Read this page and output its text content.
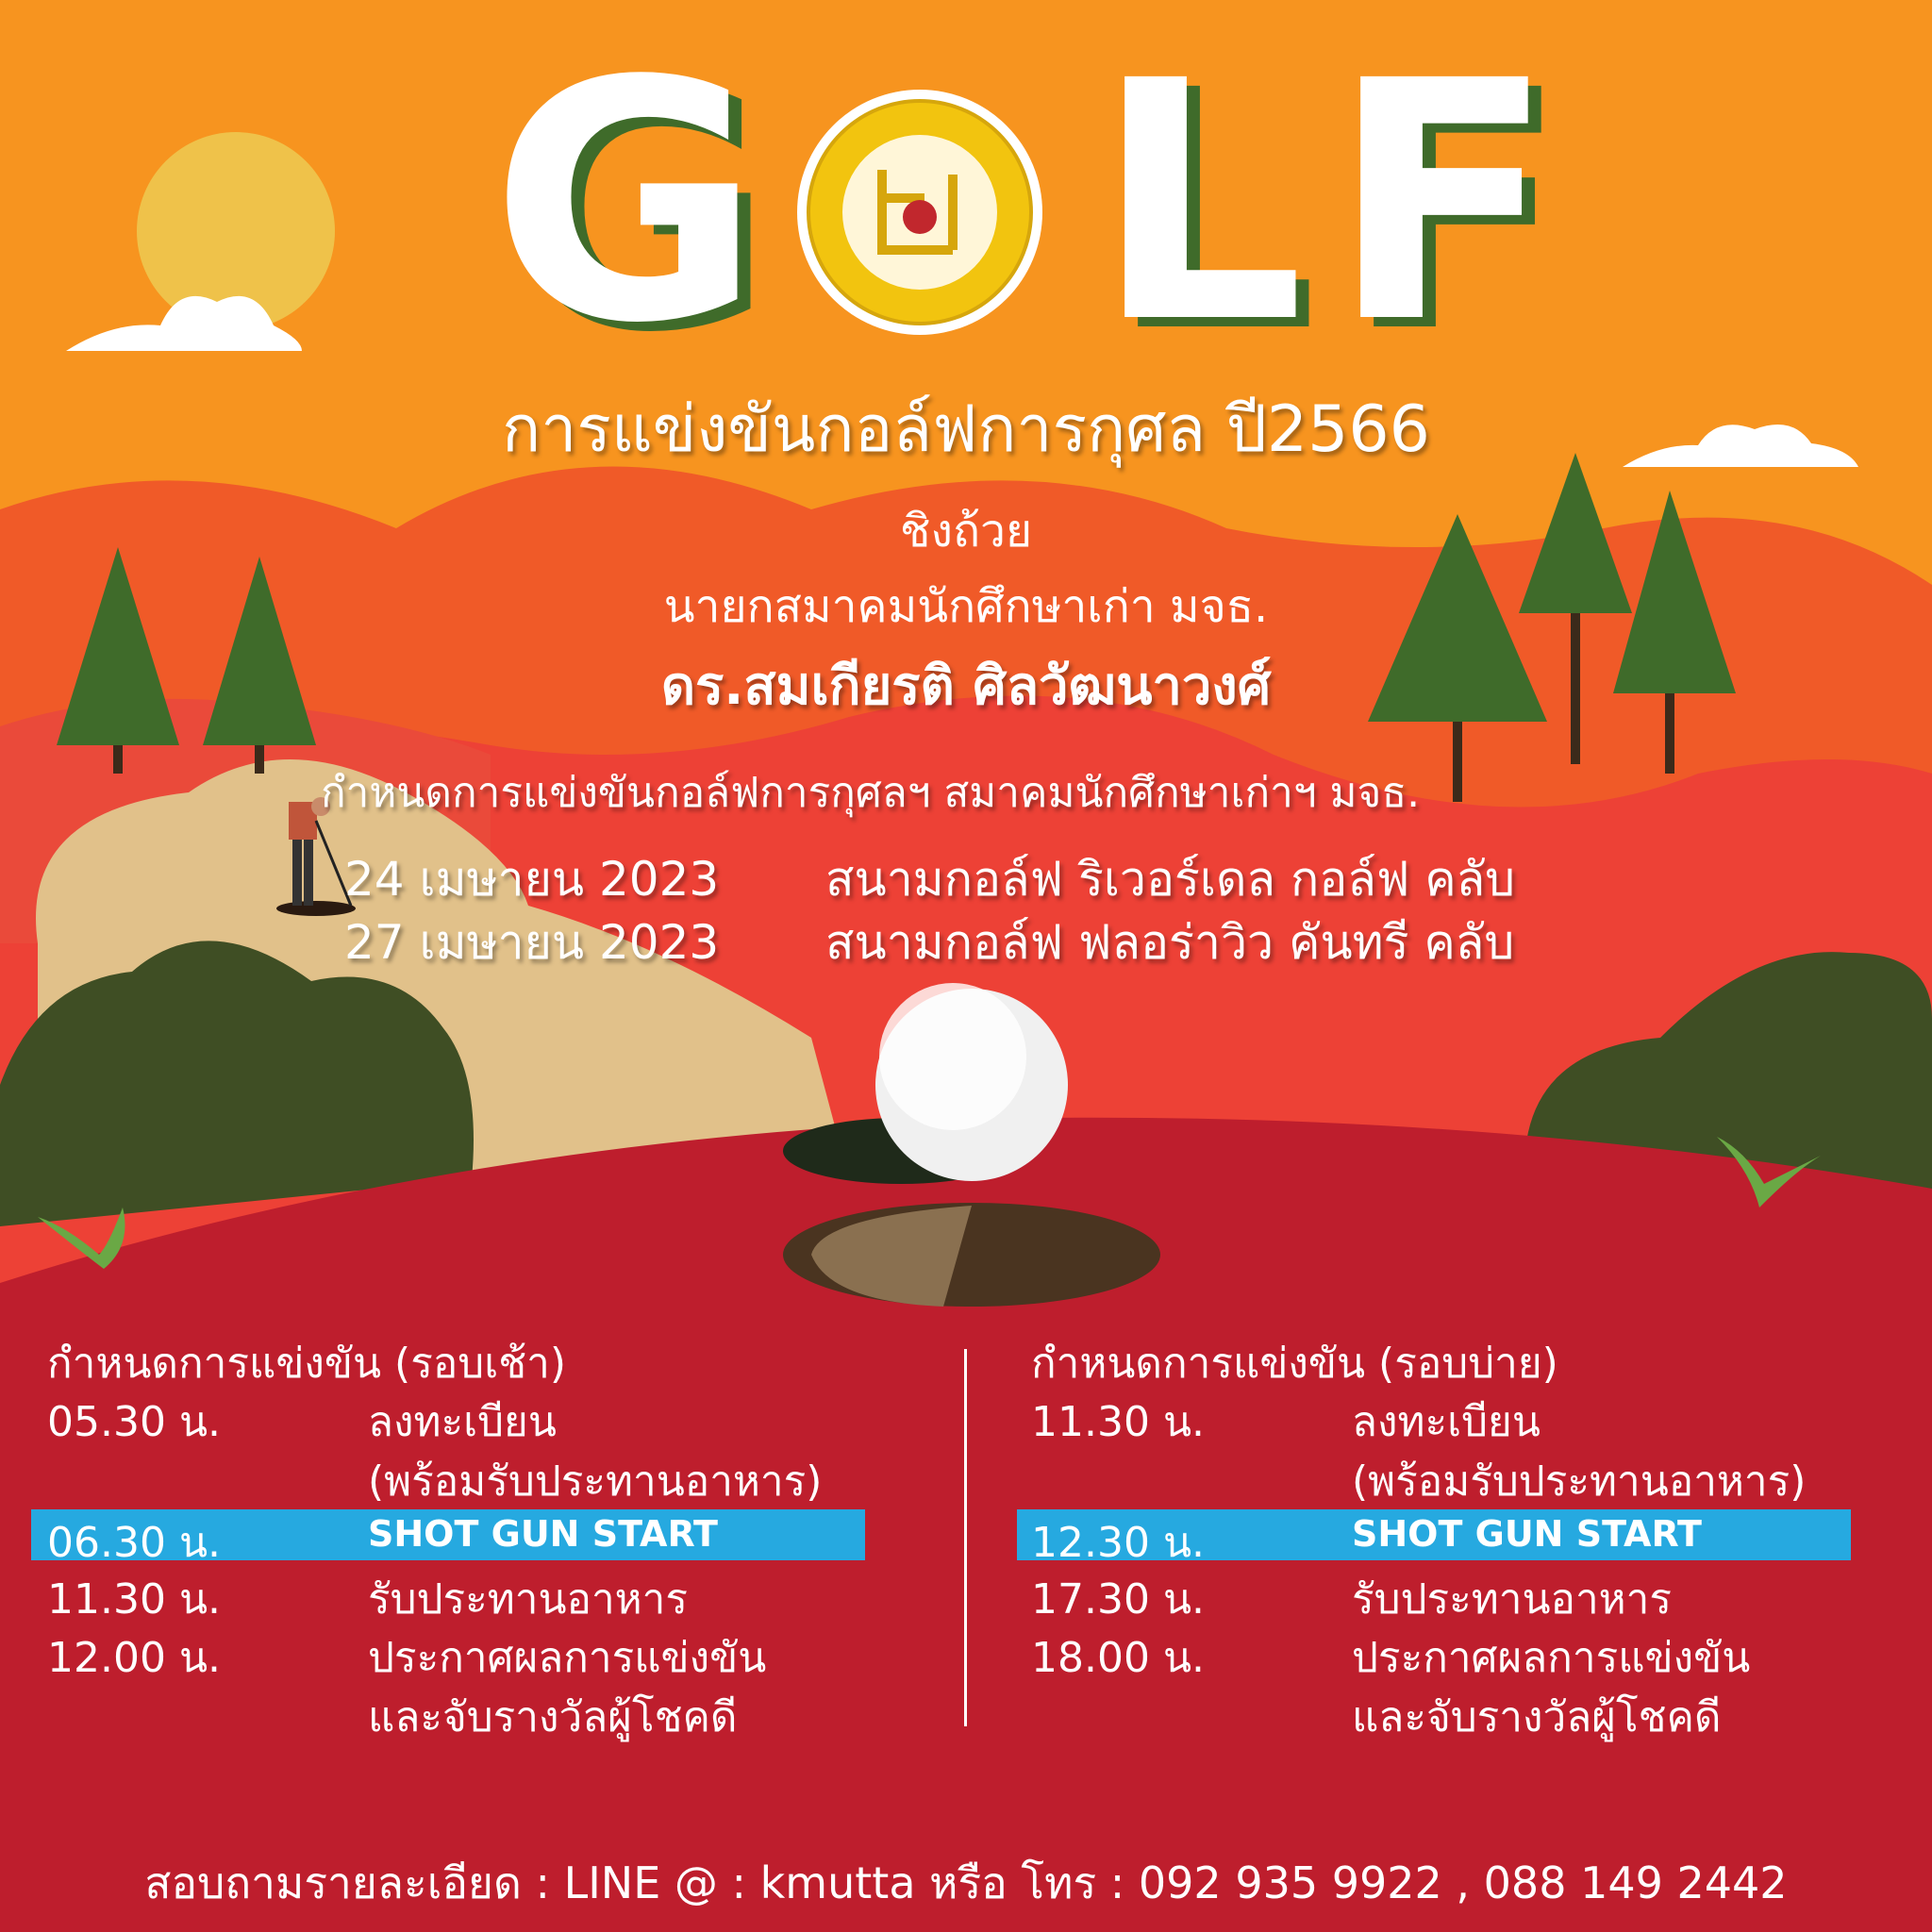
G L F
การแข่งขันกอล์ฟการกุศล ปี2566
ชิงถ้วย
นายกสมาคมนักศึกษาเก่า มจธ.
ดร.สมเกียรติ ศิลวัฒนาวงศ์
กำหนดการแข่งขันกอล์ฟการกุศลฯ สมาคมนักศึกษาเก่าฯ มจธ.
24 เมษายน 2023 สนามกอล์ฟ ริเวอร์เดล กอล์ฟ คลับ
27 เมษายน 2023 สนามกอล์ฟ ฟลอร่าวิว คันทรี คลับ
กำหนดการแข่งขัน (รอบเช้า)
05.30 น.	ลงทะเบียน
(พร้อมรับประทานอาหาร)
06.30 น.	SHOT GUN START
11.30 น.	รับประทานอาหาร
12.00 น.	ประกาศผลการแข่งขัน
และจับรางวัลผู้โชคดี
กำหนดการแข่งขัน (รอบบ่าย)
11.30 น.	ลงทะเบียน
(พร้อมรับประทานอาหาร)
12.30 น.	SHOT GUN START
17.30 น.	รับประทานอาหาร
18.00 น.	ประกาศผลการแข่งขัน
และจับรางวัลผู้โชคดี
สอบถามรายละเอียด : LINE @ : kmutta หรือ โทร : 092 935 9922 , 088 149 2442
